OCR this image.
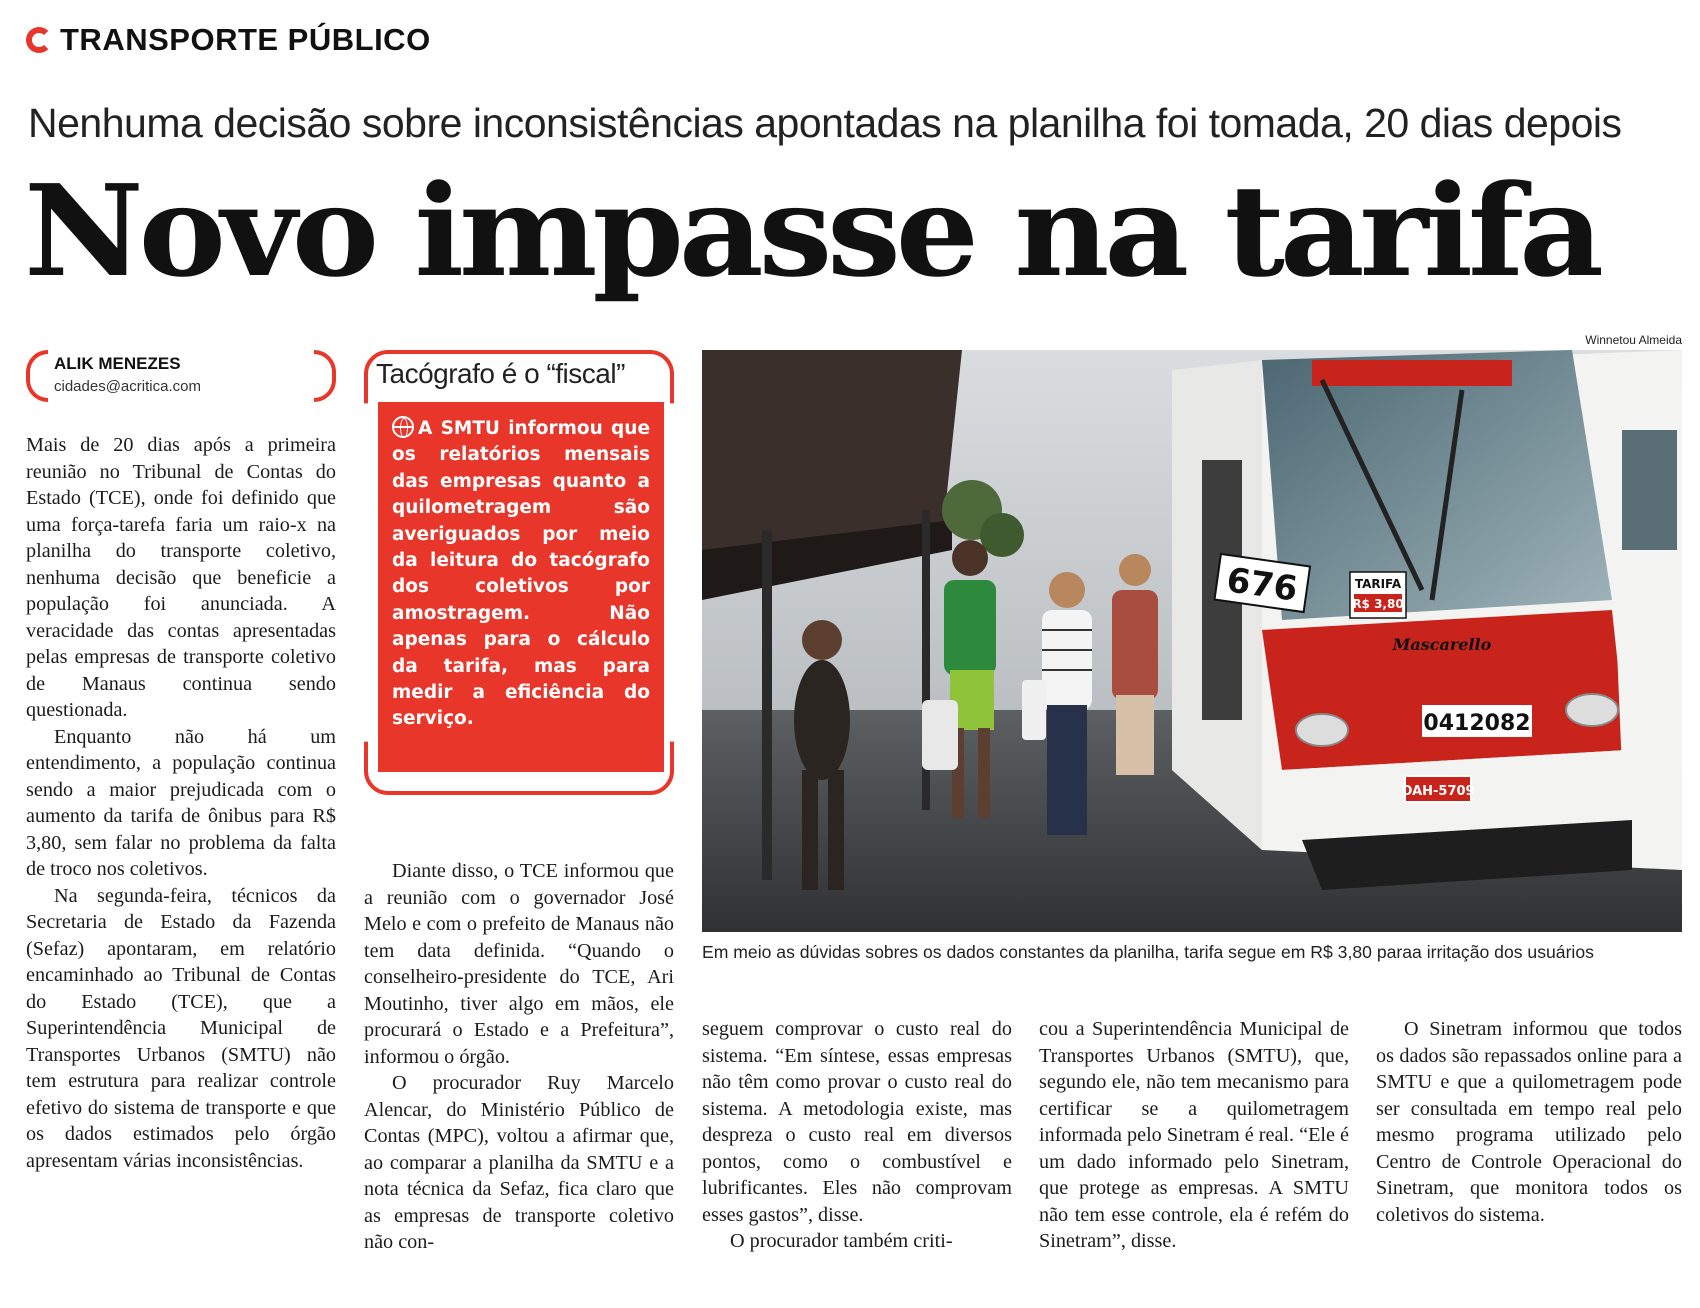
TRANSPORTE PÚBLICO
Nenhuma decisão sobre inconsistências apontadas na planilha foi tomada, 20 dias depois
Novo impasse na tarifa
ALIK MENEZES
cidades@acritica.com

Mais de 20 dias após a primeira reunião no Tribunal de Contas do Estado (TCE), onde foi definido que uma força-tarefa faria um raio-x na planilha do transporte coletivo, nenhuma decisão que beneficie a população foi anunciada. A veracidade das contas apresentadas pelas empresas de transporte coletivo de Manaus continua sendo questionada.

Enquanto não há um entendimento, a população continua sendo a maior prejudicada com o aumento da tarifa de ônibus para R$ 3,80, sem falar no problema da falta de troco nos coletivos.

Na segunda-feira, técnicos da Secretaria de Estado da Fazenda (Sefaz) apontaram, em relatório encaminhado ao Tribunal de Contas do Estado (TCE), que a Superintendência Municipal de Transportes Urbanos (SMTU) não tem estrutura para realizar controle efetivo do sistema de transporte e que os dados estimados pelo órgão apresentam várias inconsistências.

Tacógrafo é o “fiscal”

A SMTU informou que os relatórios mensais das empresas quanto a quilometragem são averiguados por meio da leitura do tacógrafo dos coletivos por amostragem. Não apenas para o cálculo da tarifa, mas para medir a eficiência do serviço.

Diante disso, o TCE informou que a reunião com o governador José Melo e com o prefeito de Manaus não tem data definida. “Quando o conselheiro-presidente do TCE, Ari Moutinho, tiver algo em mãos, ele procurará o Estado e a Prefeitura”, informou o órgão.

O procurador Ruy Marcelo Alencar, do Ministério Público de Contas (MPC), voltou a afirmar que, ao comparar a planilha da SMTU e a nota técnica da Sefaz, fica claro que as empresas de transporte coletivo não con-

Winnetou Almeida
676	TARIFA
R$ 3,80
Mascarello
0412082
OAH-5709
Em meio as dúvidas sobres os dados constantes da planilha, tarifa segue em R$ 3,80 paraa irritação dos usuários

seguem comprovar o custo real do sistema. “Em síntese, essas empresas não têm como provar o custo real do sistema. A metodologia existe, mas despreza o custo real em diversos pontos, como o combustível e lubrificantes. Eles não comprovam esses gastos”, disse.

O procurador também criti-

cou a Superintendência Municipal de Transportes Urbanos (SMTU), que, segundo ele, não tem mecanismo para certificar se a quilometragem informada pelo Sinetram é real. “Ele é um dado informado pelo Sinetram, que protege as empresas. A SMTU não tem esse controle, ela é refém do Sinetram”, disse.

O Sinetram informou que todos os dados são repassados online para a SMTU e que a quilometragem pode ser consultada em tempo real pelo mesmo programa utilizado pelo Centro de Controle Operacional do Sinetram, que monitora todos os coletivos do sistema.
